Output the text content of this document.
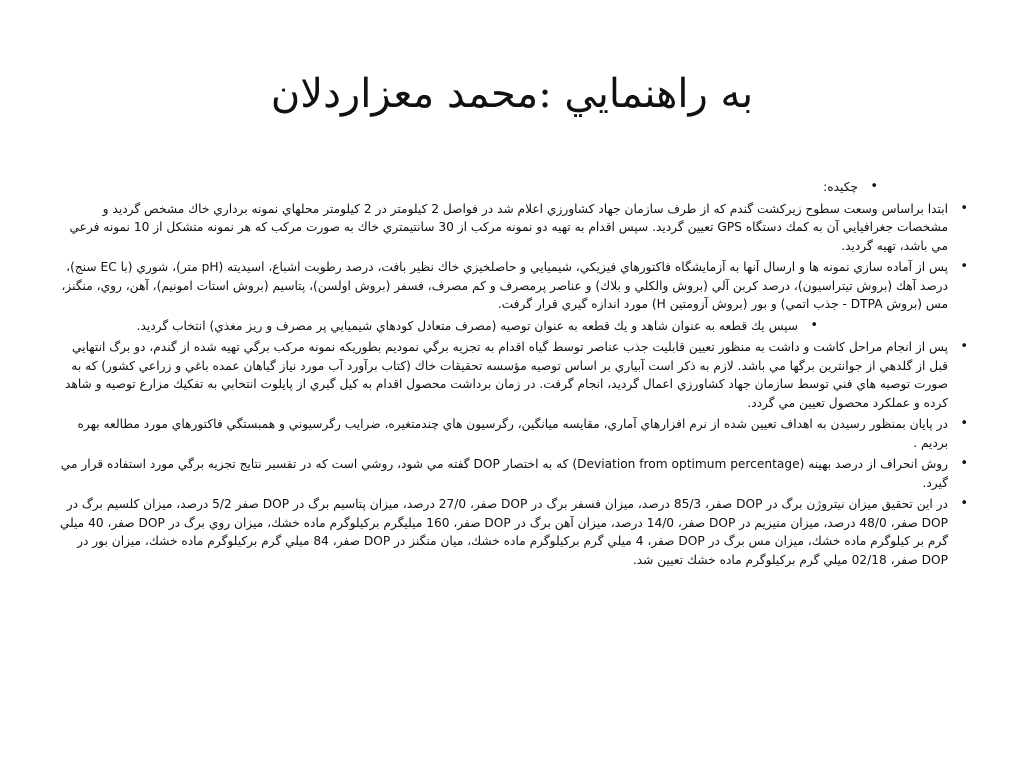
به راهنمايي :محمد معزاردلان
•
چكيده:
•
ابتدا براساس وسعت سطوح زيركشت گندم كه از طرف سازمان جهاد كشاورزي اعلام شد در فواصل 2 كيلومتر در 2 كيلومتر محلهاي نمونه برداري خاك مشخص گرديد و مشخصات جغرافيايي آن به كمك دستگاه GPS تعيين گرديد. سپس اقدام به تهيه دو نمونه مركب از 30 سانتيمتري خاك به صورت مركب كه هر نمونه متشكل از 10 نمونه فرعي مي باشد، تهيه گرديد.
•
پس از آماده سازي نمونه ها و ارسال آنها به آزمايشگاه فاكتورهاي فيزيكي، شيميايي و حاصلخيزي خاك نظير بافت، درصد رطوبت اشباع، اسيديته (pH متر)، شوري (با EC سنج)، درصد آهك (بروش تيتراسيون)، درصد كربن آلي (بروش والكلي و بلاك) و عناصر پرمصرف و كم مصرف، فسفر (بروش اولسن)، پتاسيم (بروش استات امونيم)، آهن، روي، منگنز، مس (بروش DTPA - جذب اتمي) و بور (بروش آزومتين H) مورد اندازه گيري قرار گرفت.
•
سپس يك قطعه به عنوان شاهد و يك قطعه به عنوان توصيه (مصرف متعادل كودهاي شيميايي پر مصرف و ريز مغذي) انتخاب گرديد.
•
پس از انجام مراحل كاشت و داشت به منظور تعيين قابليت جذب عناصر توسط گياه اقدام به تجزيه برگي نموديم بطوريكه نمونه مركب برگي تهيه شده از گندم، دو برگ انتهايي قبل از گلدهي از جوانترين برگها مي باشد. لازم به ذكر است آبياري بر اساس توصيه مؤسسه تحقيقات خاك (كتاب برآورد آب مورد نياز گياهان عمده باغي و زراعي كشور) كه به صورت توصيه هاي فني توسط سازمان جهاد كشاورزي اعمال گرديد، انجام گرفت. در زمان برداشت محصول اقدام به كيل گيري از پايلوت انتخابي به تفكيك مزارع توصيه و شاهد كرده و عملكرد محصول تعيين مي گردد.
•
در پايان بمنظور رسيدن به اهداف تعيين شده از نرم افزارهاي آماري، مقايسه ميانگين، رگرسيون هاي چندمتغيره، ضرايب رگرسيوني و همبستگي فاكتورهاي مورد مطالعه بهره برديم .
•
روش انحراف از درصد بهينه (Deviation from optimum percentage) كه به اختصار DOP گفته مي شود، روشي است كه در تفسير نتايج تجزيه برگي مورد استفاده قرار مي گيرد.
•
در اين تحقيق ميزان نيتروژن برگ در DOP صفر، 85/3 درصد، ميزان فسفر برگ در DOP صفر، 27/0 درصد، ميزان پتاسيم برگ در DOP صفر 5/2 درصد، ميزان كلسيم برگ در DOP صفر، 48/0 درصد، ميزان منيزيم در DOP صفر، 14/0 درصد، ميزان آهن برگ در DOP صفر، 160 ميليگرم بركيلوگرم ماده خشك، ميزان روي برگ در DOP صفر، 40 ميلي گرم بر كيلوگرم ماده خشك، ميزان مس برگ در DOP صفر، 4 ميلي گرم بركيلوگرم ماده خشك، ميان منگنز در DOP صفر، 84 ميلي گرم بركيلوگرم ماده خشك، ميزان بور در DOP صفر، 02/18 ميلي گرم بركيلوگرم ماده خشك تعيين شد.
